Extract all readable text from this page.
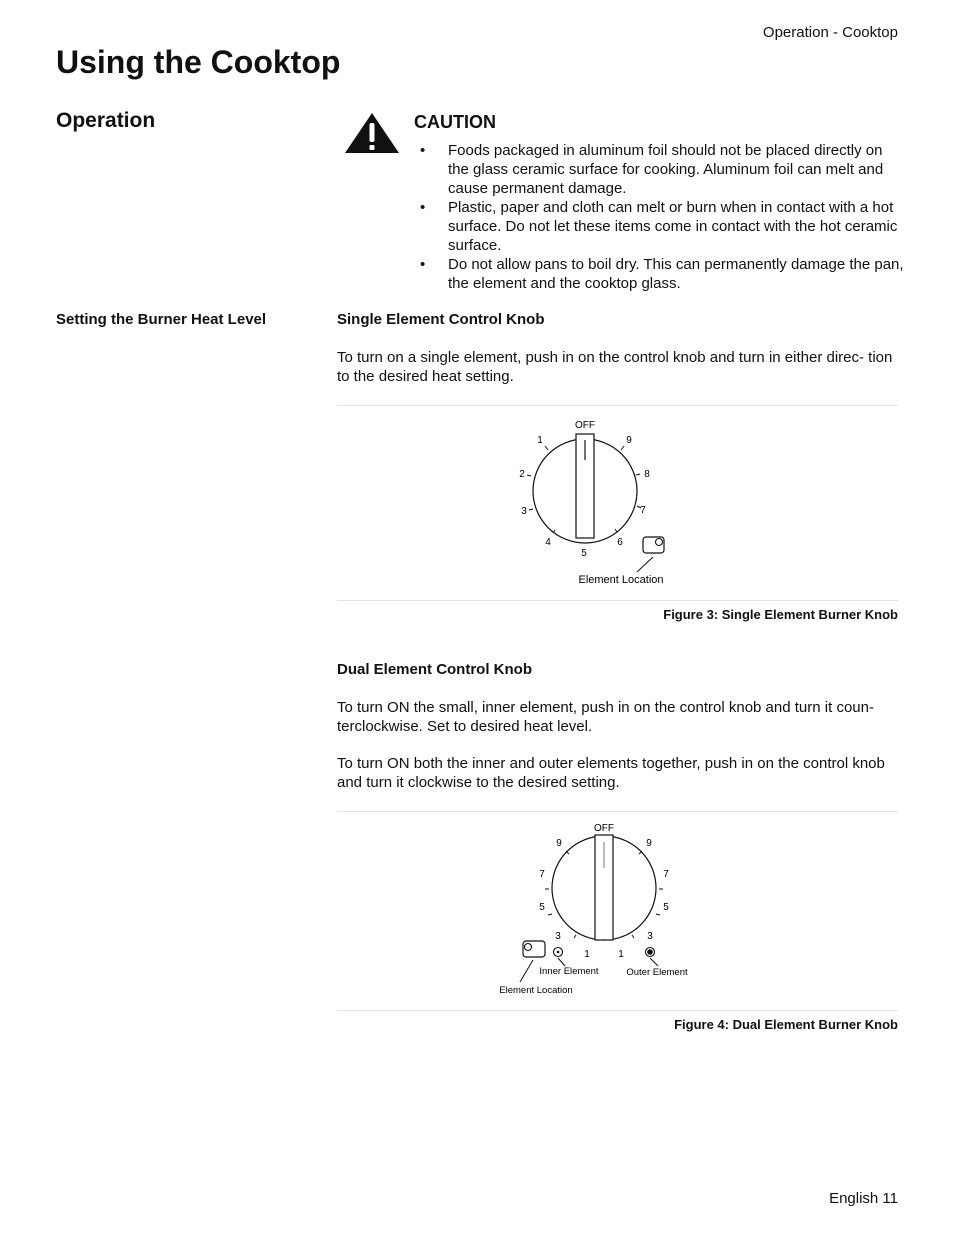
Operation - Cooktop
Using the Cooktop
Operation	CAUTION
• Foods packaged in aluminum foil should not be placed directly on the glass ceramic surface for cooking. Aluminum foil can melt and cause permanent damage.
• Plastic, paper and cloth can melt or burn when in contact with a hot surface. Do not let these items come in contact with the hot ceramic surface.
• Do not allow pans to boil dry. This can permanently damage the pan, the element and the cooktop glass.
Setting the Burner Heat Level	Single Element Control Knob

To turn on a single element, push in on the control knob and turn in either direc- tion to the desired heat setting.

OFF
1
2
3
4
5
6
7
8
9
Element Location
Figure 3: Single Element Burner Knob
Dual Element Control Knob

To turn ON the small, inner element, push in on the control knob and turn it coun- terclockwise. Set to desired heat level.

To turn ON both the inner and outer elements together, push in on the control knob and turn it clockwise to the desired setting.

OFF
9
7
5
3
1
9
7
5
3
1
Inner Element	Outer Element
Element Location
Figure 4: Dual Element Burner Knob
English 11
